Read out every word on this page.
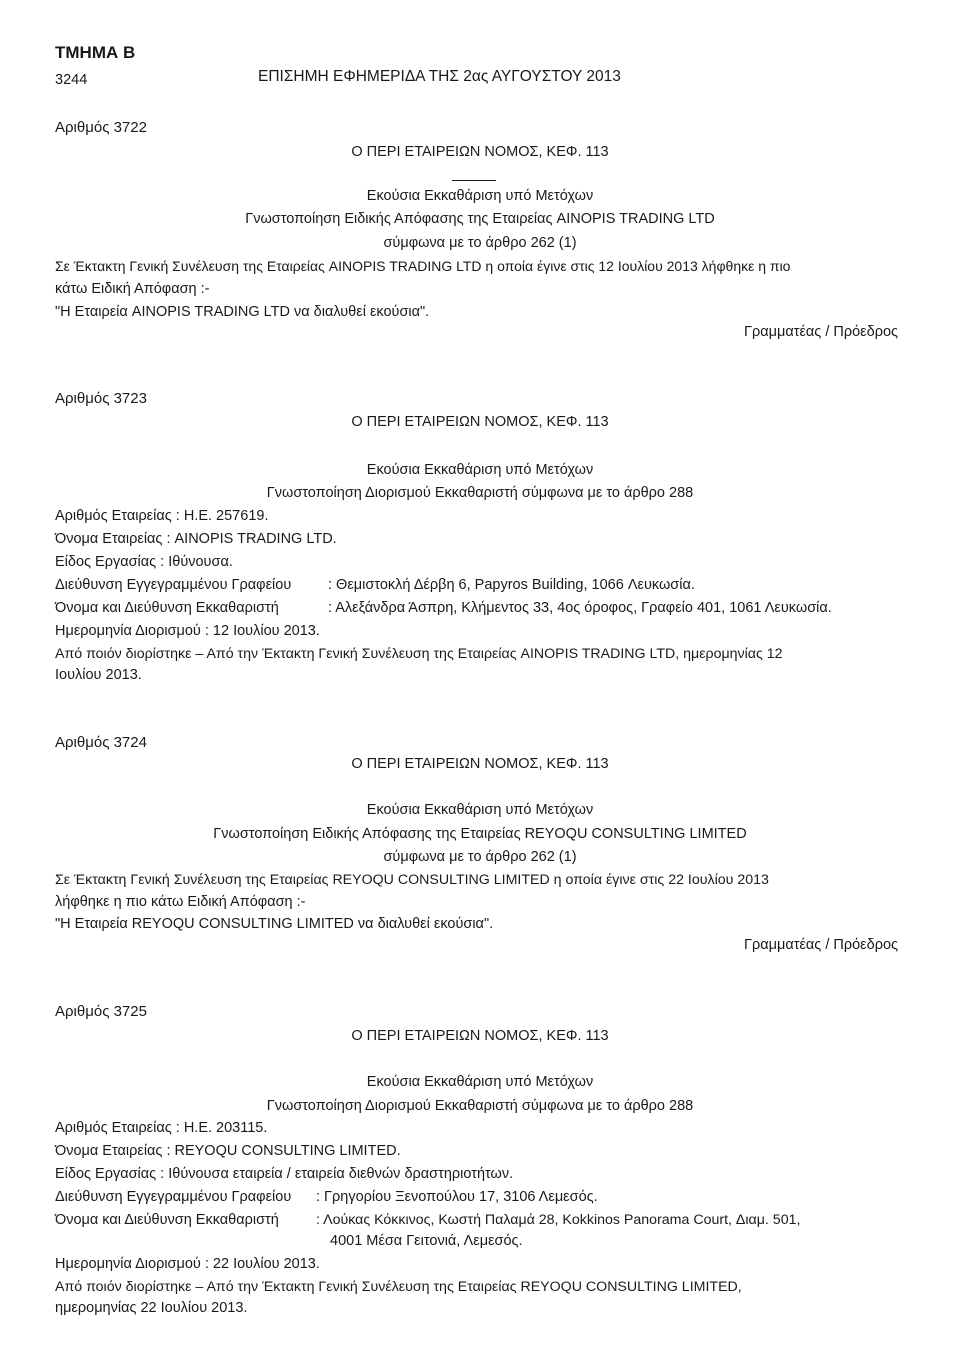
ΤΜΗΜΑ Β
3244	ΕΠΙΣΗΜΗ ΕΦΗΜΕΡΙΔΑ ΤΗΣ 2ας ΑΥΓΟΥΣΤΟΥ 2013
Αριθμός 3722
Ο ΠΕΡΙ ΕΤΑΙΡΕΙΩΝ ΝΟΜΟΣ, ΚΕΦ. 113
Εκούσια Εκκαθάριση υπό Μετόχων
Γνωστοποίηση Ειδικής Απόφασης της Εταιρείας AINOPIS TRADING LTD
σύμφωνα με το άρθρο 262 (1)
Σε Έκτακτη Γενική Συνέλευση της Εταιρείας AINOPIS TRADING LTD η οποία έγινε στις 12 Ιουλίου 2013 λήφθηκε η πιο
κάτω Ειδική Απόφαση :-
"Η Εταιρεία AINOPIS TRADING LTD να διαλυθεί εκούσια".
Γραμματέας / Πρόεδρος
Αριθμός 3723
Ο ΠΕΡΙ ΕΤΑΙΡΕΙΩΝ ΝΟΜΟΣ, ΚΕΦ. 113
Εκούσια Εκκαθάριση υπό Μετόχων
Γνωστοποίηση Διορισμού Εκκαθαριστή σύμφωνα με το άρθρο 288
Αριθμός Εταιρείας : Η.Ε. 257619.
Όνομα Εταιρείας : AINOPIS TRADING LTD.
Είδος Εργασίας : Ιθύνουσα.
Διεύθυνση Εγγεγραμμένου Γραφείου	: Θεμιστοκλή Δέρβη 6, Papyros Building, 1066 Λευκωσία.
Όνομα και Διεύθυνση Εκκαθαριστή	: Αλεξάνδρα Άσπρη, Κλήμεντος 33, 4ος όροφος, Γραφείο 401, 1061 Λευκωσία.
Ημερομηνία Διορισμού : 12 Ιουλίου 2013.
Από ποιόν διορίστηκε – Από την Έκτακτη Γενική Συνέλευση της Εταιρείας AINOPIS TRADING LTD, ημερομηνίας 12
Ιουλίου 2013.
Αριθμός 3724
Ο ΠΕΡΙ ΕΤΑΙΡΕΙΩΝ ΝΟΜΟΣ, ΚΕΦ. 113
Εκούσια Εκκαθάριση υπό Μετόχων
Γνωστοποίηση Ειδικής Απόφασης της Εταιρείας REYOQU CONSULTING LIMITED
σύμφωνα με το άρθρο 262 (1)
Σε Έκτακτη Γενική Συνέλευση της Εταιρείας REYOQU CONSULTING LIMITED η οποία έγινε στις 22 Ιουλίου 2013
λήφθηκε η πιο κάτω Ειδική Απόφαση :-
"Η Εταιρεία REYOQU CONSULTING LIMITED να διαλυθεί εκούσια".
Γραμματέας / Πρόεδρος
Αριθμός 3725
Ο ΠΕΡΙ ΕΤΑΙΡΕΙΩΝ ΝΟΜΟΣ, ΚΕΦ. 113
Εκούσια Εκκαθάριση υπό Μετόχων
Γνωστοποίηση Διορισμού Εκκαθαριστή σύμφωνα με το άρθρο 288
Αριθμός Εταιρείας : Η.Ε. 203115.
Όνομα Εταιρείας : REYOQU CONSULTING LIMITED.
Είδος Εργασίας : Ιθύνουσα εταιρεία / εταιρεία διεθνών δραστηριοτήτων.
Διεύθυνση Εγγεγραμμένου Γραφείου : Γρηγορίου Ξενοπούλου 17, 3106 Λεμεσός.
Όνομα και Διεύθυνση Εκκαθαριστή	: Λούκας Κόκκινος, Κωστή Παλαμά 28, Kokkinos Panorama Court, Διαμ. 501,
4001 Μέσα Γειτονιά, Λεμεσός.
Ημερομηνία Διορισμού : 22 Ιουλίου 2013.
Από ποιόν διορίστηκε – Από την Έκτακτη Γενική Συνέλευση της Εταιρείας REYOQU CONSULTING LIMITED,
ημερομηνίας 22 Ιουλίου 2013.
